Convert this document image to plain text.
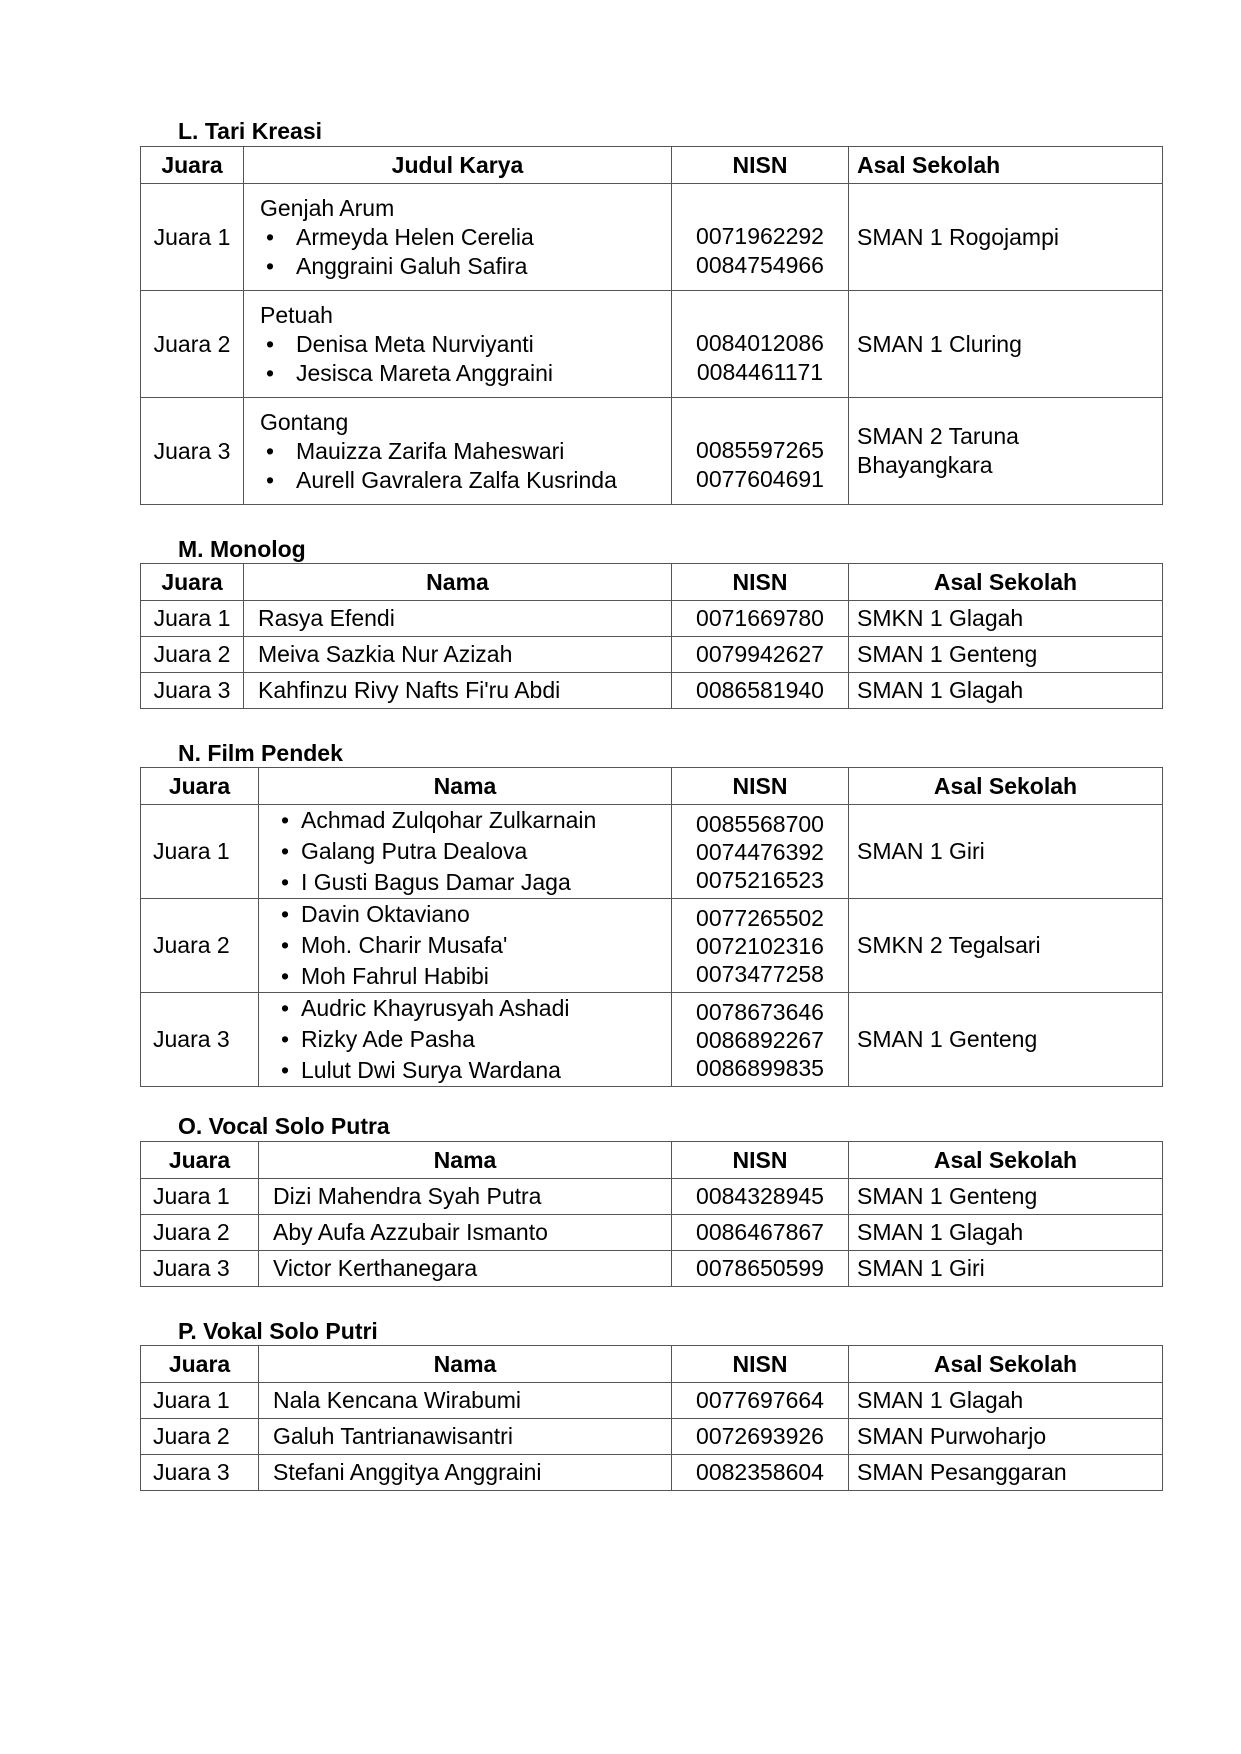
L. Tari Kreasi
Juara	Judul Karya	NISN	Asal Sekolah
Juara 1	Genjah Arum
• Armeyda Helen Cerelia
• Anggraini Galuh Safira	0071962292
0084754966	SMAN 1 Rogojampi
Juara 2	Petuah
• Denisa Meta Nurviyanti
• Jesisca Mareta Anggraini	0084012086
0084461171	SMAN 1 Cluring
Juara 3	Gontang
• Mauizza Zarifa Maheswari
• Aurell Gavralera Zalfa Kusrinda	0085597265
0077604691	SMAN 2 Taruna Bhayangkara
M. Monolog
Juara	Nama	NISN	Asal Sekolah
Juara 1	Rasya Efendi	0071669780	SMKN 1 Glagah
Juara 2	Meiva Sazkia Nur Azizah	0079942627	SMAN 1 Genteng
Juara 3	Kahfinzu Rivy Nafts Fi'ru Abdi	0086581940	SMAN 1 Glagah
N. Film Pendek
Juara	Nama	NISN	Asal Sekolah
Juara 1	• Achmad Zulqohar Zulkarnain
• Galang Putra Dealova
• I Gusti Bagus Damar Jaga	0085568700
0074476392
0075216523	SMAN 1 Giri
Juara 2	• Davin Oktaviano
• Moh. Charir Musafa'
• Moh Fahrul Habibi	0077265502
0072102316
0073477258	SMKN 2 Tegalsari
Juara 3	• Audric Khayrusyah Ashadi
• Rizky Ade Pasha
• Lulut Dwi Surya Wardana	0078673646
0086892267
0086899835	SMAN 1 Genteng
O. Vocal Solo Putra
Juara	Nama	NISN	Asal Sekolah
Juara 1	Dizi Mahendra Syah Putra	0084328945	SMAN 1 Genteng
Juara 2	Aby Aufa Azzubair Ismanto	0086467867	SMAN 1 Glagah
Juara 3	Victor Kerthanegara	0078650599	SMAN 1 Giri
P. Vokal Solo Putri
Juara	Nama	NISN	Asal Sekolah
Juara 1	Nala Kencana Wirabumi	0077697664	SMAN 1 Glagah
Juara 2	Galuh Tantrianawisantri	0072693926	SMAN Purwoharjo
Juara 3	Stefani Anggitya Anggraini	0082358604	SMAN Pesanggaran
